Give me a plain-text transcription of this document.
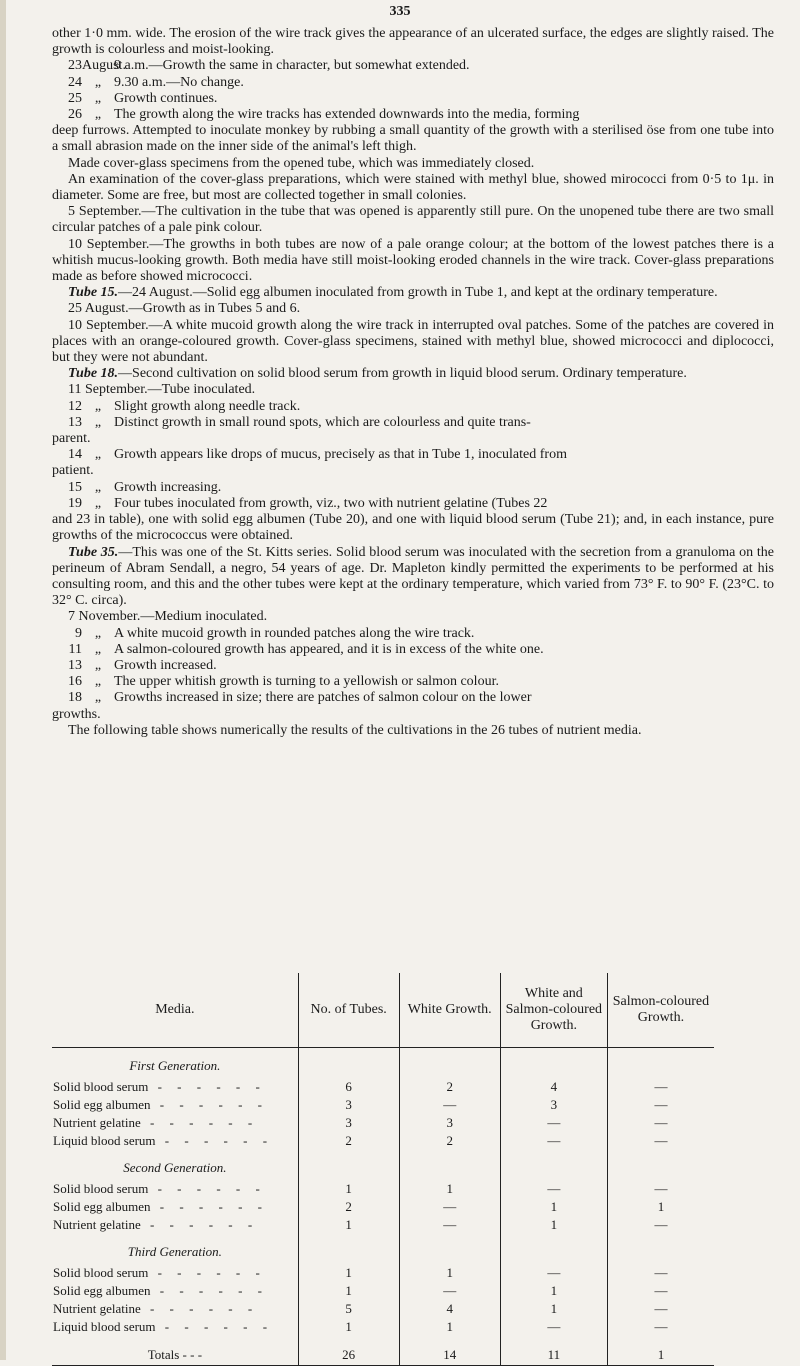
335

other 1·0 mm. wide. The erosion of the wire track gives the appearance of an ulcerated surface, the edges are slightly raised. The growth is colourless and moist-looking.

23 August.
9 a.m.—Growth the same in character, but somewhat extended.
24 „ 9.30 a.m.—No change.
25 „ Growth continues.
26 „ The growth along the wire tracks has extended downwards into the media, forming

deep furrows. Attempted to inoculate monkey by rubbing a small quantity of the growth with a sterilised öse from one tube into a small abrasion made on the inner side of the animal's left thigh.

Made cover-glass specimens from the opened tube, which was immediately closed.

An examination of the cover-glass preparations, which were stained with methyl blue, showed mirococci from 0·5 to 1μ. in diameter. Some are free, but most are collected together in small colonies.

5 September.—The cultivation in the tube that was opened is apparently still pure. On the unopened tube there are two small circular patches of a pale pink colour.

10 September.—The growths in both tubes are now of a pale orange colour; at the bottom of the lowest patches there is a whitish mucus-looking growth. Both media have still moist-looking eroded channels in the wire track. Cover-glass preparations made as before showed micrococci.

Tube 15.—24 August.—Solid egg albumen inoculated from growth in Tube 1, and kept at the ordinary temperature.

25 August.—Growth as in Tubes 5 and 6.

10 September.—A white mucoid growth along the wire track in interrupted oval patches. Some of the patches are covered in places with an orange-coloured growth. Cover-glass specimens, stained with methyl blue, showed micrococci and diplococci, but they were not abundant.

Tube 18.—Second cultivation on solid blood serum from growth in liquid blood serum. Ordinary temperature.

11 September.—Tube inoculated.

12 „ Slight growth along needle track.
13 „ Distinct growth in small round spots, which are colourless and quite trans-

parent.

14 „ Growth appears like drops of mucus, precisely as that in Tube 1, inoculated from

patient.

15 „ Growth increasing.
19 „ Four tubes inoculated from growth, viz., two with nutrient gelatine (Tubes 22

and 23 in table), one with solid egg albumen (Tube 20), and one with liquid blood serum (Tube 21); and, in each instance, pure growths of the micrococcus were obtained.

Tube 35.—This was one of the St. Kitts series. Solid blood serum was inoculated with the secretion from a granuloma on the perineum of Abram Sendall, a negro, 54 years of age. Dr. Mapleton kindly permitted the experiments to be performed at his consulting room, and this and the other tubes were kept at the ordinary temperature, which varied from 73° F. to 90° F. (23°C. to 32° C. circa).

7 November.—Medium inoculated.

9 „ A white mucoid growth in rounded patches along the wire track.
11 „ A salmon-coloured growth has appeared, and it is in excess of the white one.
13 „ Growth increased.
16 „ The upper whitish growth is turning to a yellowish or salmon colour.
18 „ Growths increased in size; there are patches of salmon colour on the lower

growths.

The following table shows numerically the results of the cultivations in the 26 tubes of nutrient media.

Media.	No. of Tubes.	White Growth.	White and Salmon-coloured Growth.	Salmon-coloured Growth.
First Generation.				
Solid blood serum - - - - - -	6	2	4	—
Solid egg albumen - - - - - -	3	—	3	—
Nutrient gelatine - - - - - -	3	3	—	—
Liquid blood serum - - - - - -	2	2	—	—
Second Generation.				
Solid blood serum - - - - - -	1	1	—	—
Solid egg albumen - - - - - -	2	—	1	1
Nutrient gelatine - - - - - -	1	—	1	—
Third Generation.				
Solid blood serum - - - - - -	1	1	—	—
Solid egg albumen - - - - - -	1	—	1	—
Nutrient gelatine - - - - - -	5	4	1	—
Liquid blood serum - - - - - -	1	1	—	—
Totals - - -	26	14	11	1
